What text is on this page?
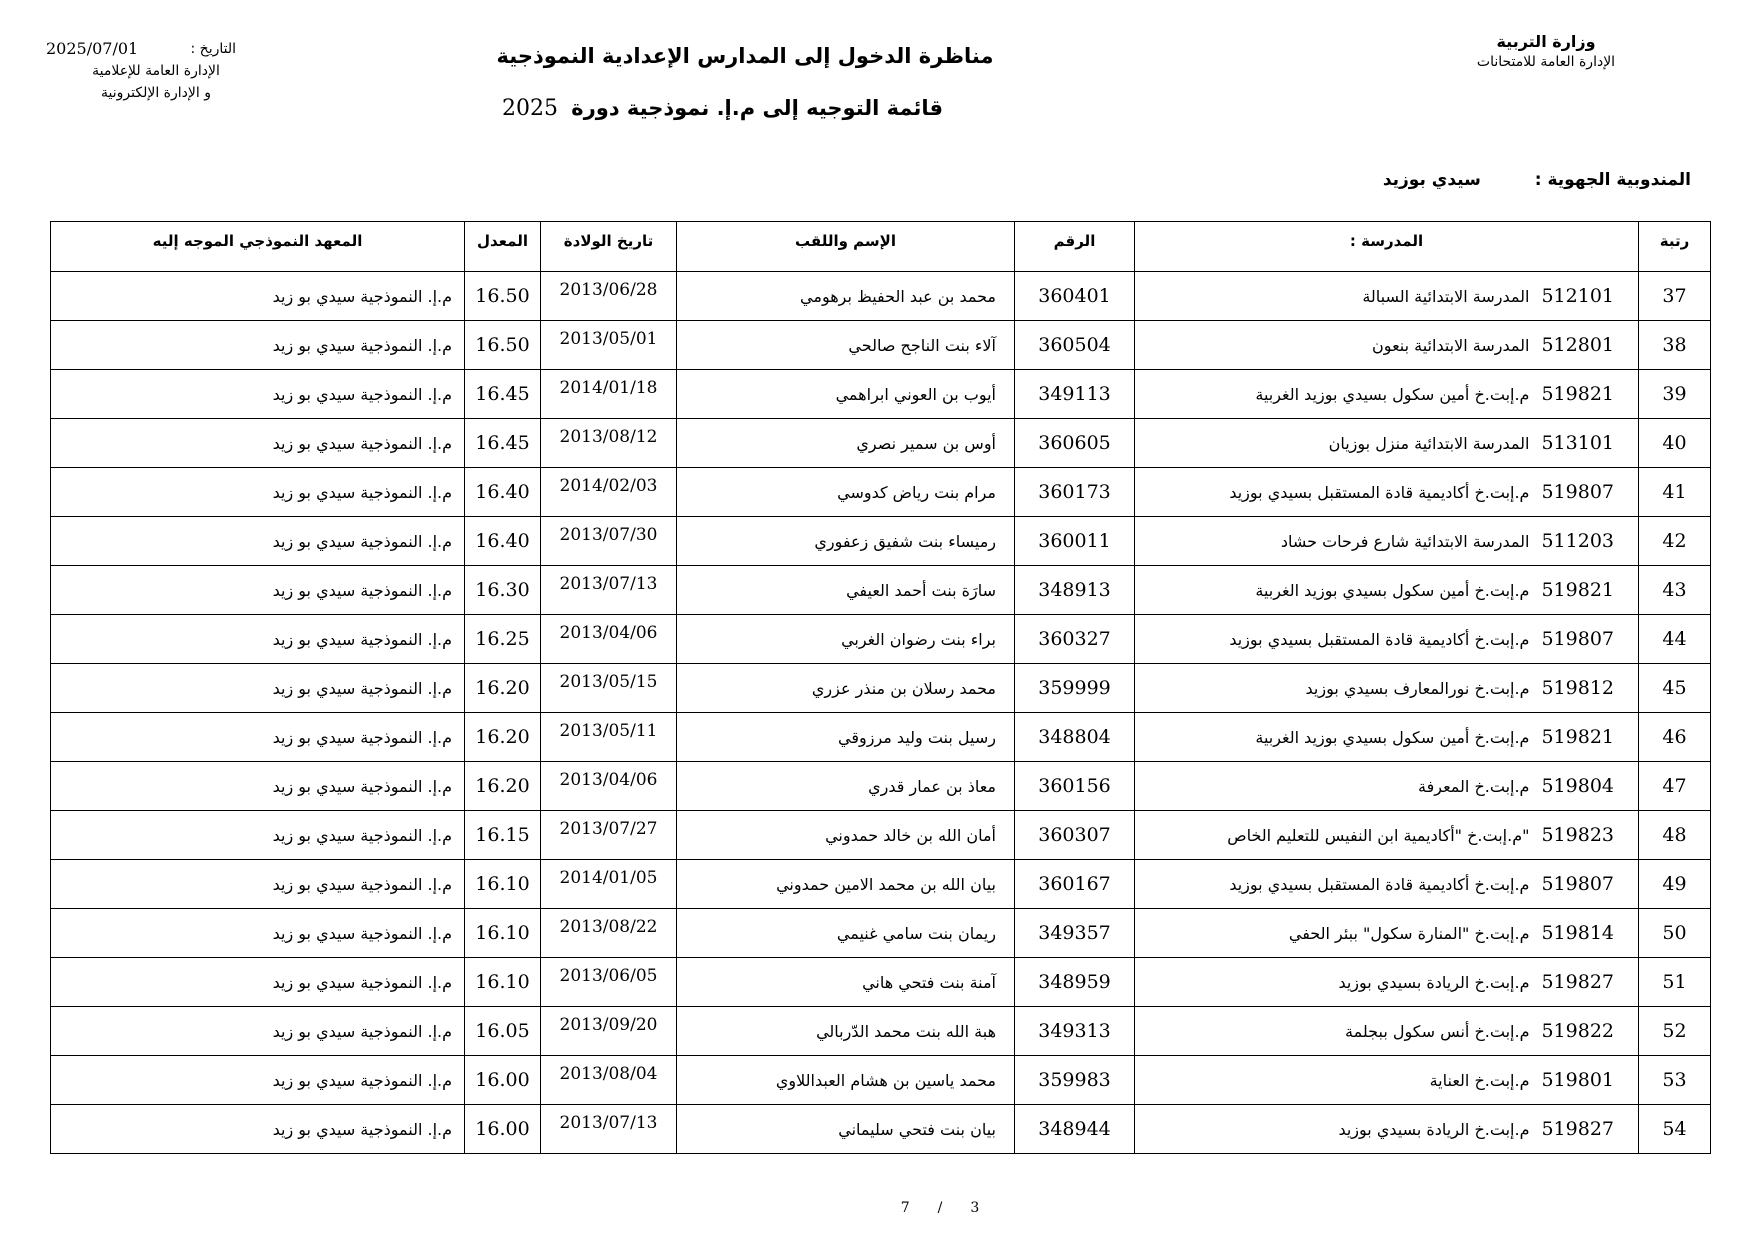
وزارة التربية
الإدارة العامة للامتحانات
التاريخ :
2025/07/01
الإدارة العامة للإعلامية
و الإدارة الإلكترونية
مناظرة الدخول إلى المدارس الإعدادية النموذجية
قائمة التوجيه إلى م.إ. نموذجية دورة 2025
المندوبية الجهوية : سيدي بوزيد
رتبة	المدرسة :	الرقم	الإسم واللقب	تاريخ الولادة	المعدل	المعهد النموذجي الموجه إليه
37	512101المدرسة الابتدائية السبالة	360401	محمد بن عبد الحفيظ برهومي	2013/06/28	16.50	م.إ. النموذجية سيدي بو زيد
38	512801المدرسة الابتدائية بنعون	360504	آلاء بنت الناجح صالحي	2013/05/01	16.50	م.إ. النموذجية سيدي بو زيد
39	519821م.إبت.خ أمين سكول بسيدي بوزيد الغربية	349113	أيوب بن العوني ابراهمي	2014/01/18	16.45	م.إ. النموذجية سيدي بو زيد
40	513101المدرسة الابتدائية منزل بوزيان	360605	أوس بن سمير نصري	2013/08/12	16.45	م.إ. النموذجية سيدي بو زيد
41	519807م.إبت.خ أكاديمية قادة المستقبل بسيدي بوزيد	360173	مرام بنت رياض كدوسي	2014/02/03	16.40	م.إ. النموذجية سيدي بو زيد
42	511203المدرسة الابتدائية شارع فرحات حشاد	360011	رميساء بنت شفيق زعفوري	2013/07/30	16.40	م.إ. النموذجية سيدي بو زيد
43	519821م.إبت.خ أمين سكول بسيدي بوزيد الغربية	348913	سارَة بنت أحمد العيفي	2013/07/13	16.30	م.إ. النموذجية سيدي بو زيد
44	519807م.إبت.خ أكاديمية قادة المستقبل بسيدي بوزيد	360327	براء بنت رضوان الغربي	2013/04/06	16.25	م.إ. النموذجية سيدي بو زيد
45	519812م.إبت.خ نورالمعارف بسيدي بوزيد	359999	محمد رسلان بن منذر عزري	2013/05/15	16.20	م.إ. النموذجية سيدي بو زيد
46	519821م.إبت.خ أمين سكول بسيدي بوزيد الغربية	348804	رسيل بنت وليد مرزوقي	2013/05/11	16.20	م.إ. النموذجية سيدي بو زيد
47	519804م.إبت.خ المعرفة	360156	معاذ بن عمار قدري	2013/04/06	16.20	م.إ. النموذجية سيدي بو زيد
48	519823"م.إبت.خ "أكاديمية ابن النفيس للتعليم الخاص	360307	أمان الله بن خالد حمدوني	2013/07/27	16.15	م.إ. النموذجية سيدي بو زيد
49	519807م.إبت.خ أكاديمية قادة المستقبل بسيدي بوزيد	360167	بيان الله بن محمد الامين حمدوني	2014/01/05	16.10	م.إ. النموذجية سيدي بو زيد
50	519814م.إبت.خ "المنارة سكول" ببئر الحفي	349357	ريمان بنت سامي غنيمي	2013/08/22	16.10	م.إ. النموذجية سيدي بو زيد
51	519827م.إبت.خ الريادة بسيدي بوزيد	348959	آمنة بنت فتحي هاني	2013/06/05	16.10	م.إ. النموذجية سيدي بو زيد
52	519822م.إبت.خ أنس سكول ببجلمة	349313	هبة الله بنت محمد الدّربالي	2013/09/20	16.05	م.إ. النموذجية سيدي بو زيد
53	519801م.إبت.خ العناية	359983	محمد ياسين بن هشام العبداللاوي	2013/08/04	16.00	م.إ. النموذجية سيدي بو زيد
54	519827م.إبت.خ الريادة بسيدي بوزيد	348944	بيان بنت فتحي سليماني	2013/07/13	16.00	م.إ. النموذجية سيدي بو زيد
7 / 3
